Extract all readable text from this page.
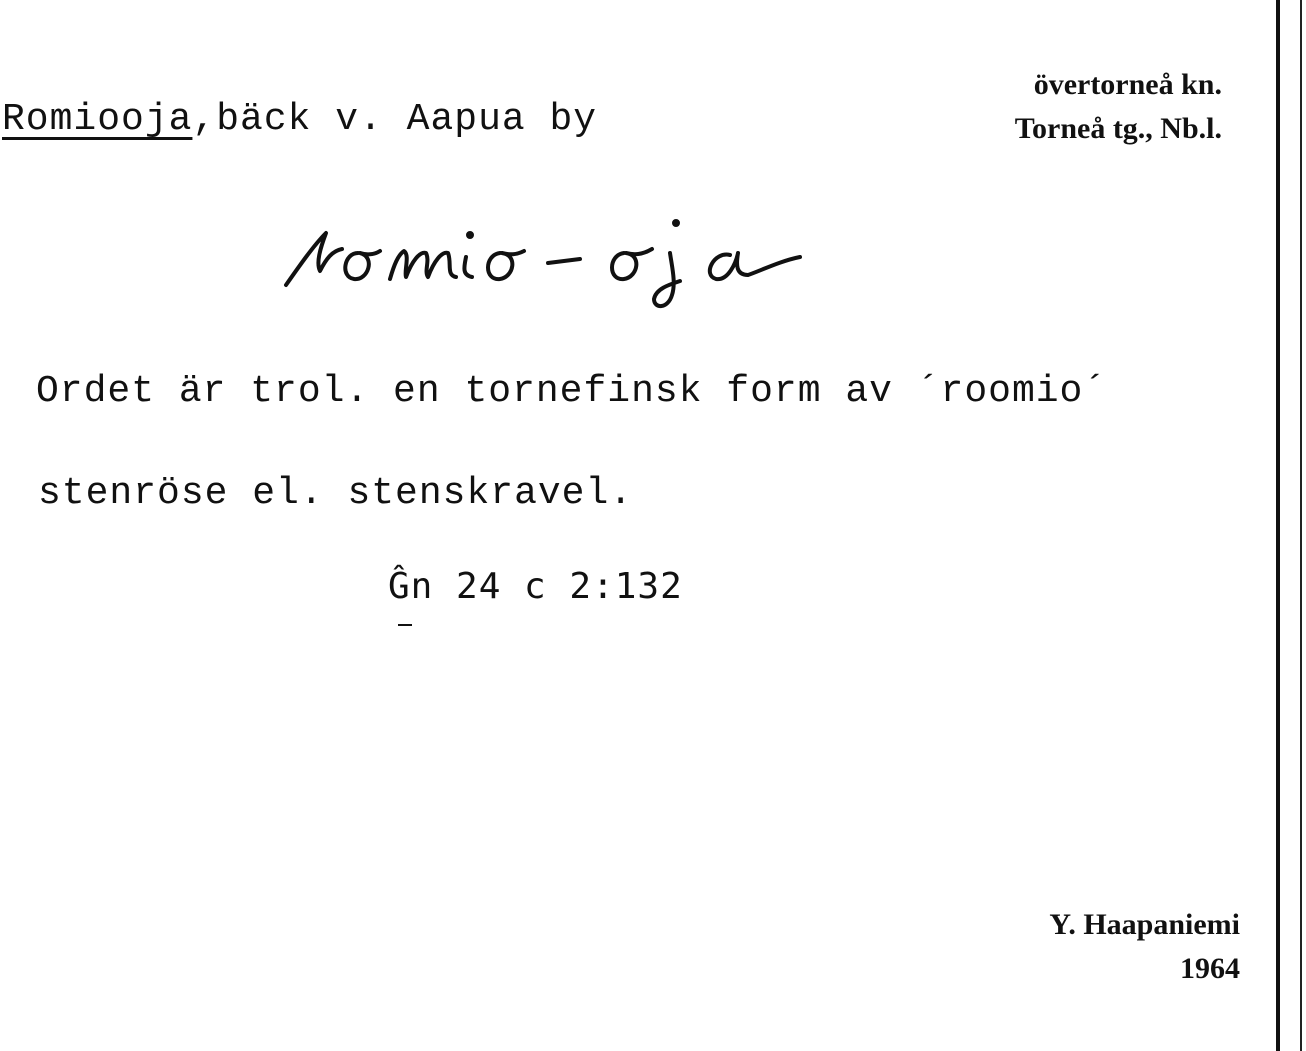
Romiooja,bäck v. Aapua by
övertorneå kn.
Torneå tg., Nb.l.
Ordet är trol. en tornefinsk form av ´roomio´
stenröse el. stenskravel.
Ĝn 24 c 2:132
Y. Haapaniemi
1964
